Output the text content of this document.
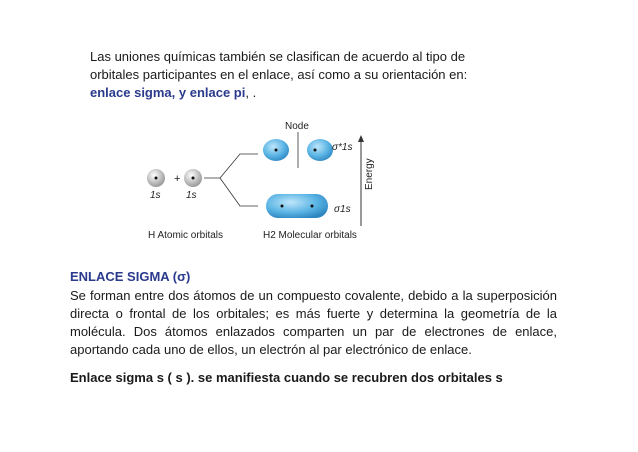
Las uniones químicas también se clasifican de acuerdo al tipo de
orbitales participantes en el enlace, así como a su orientación en:
enlace sigma, y enlace pi, .
Node
σ*1s
σ1s
Energy
+
1s	1s
H Atomic orbitals	H2 Molecular orbitals
ENLACE SIGMA (σ)
Se forman entre dos átomos de un compuesto covalente, debido a la superposición directa o frontal de los orbitales; es más fuerte y determina la geometría de la molécula. Dos átomos enlazados comparten un par de electrones de enlace, aportando cada uno de ellos, un electrón al par electrónico de enlace.
Enlace sigma s ( s ). se manifiesta cuando se recubren dos orbitales s
